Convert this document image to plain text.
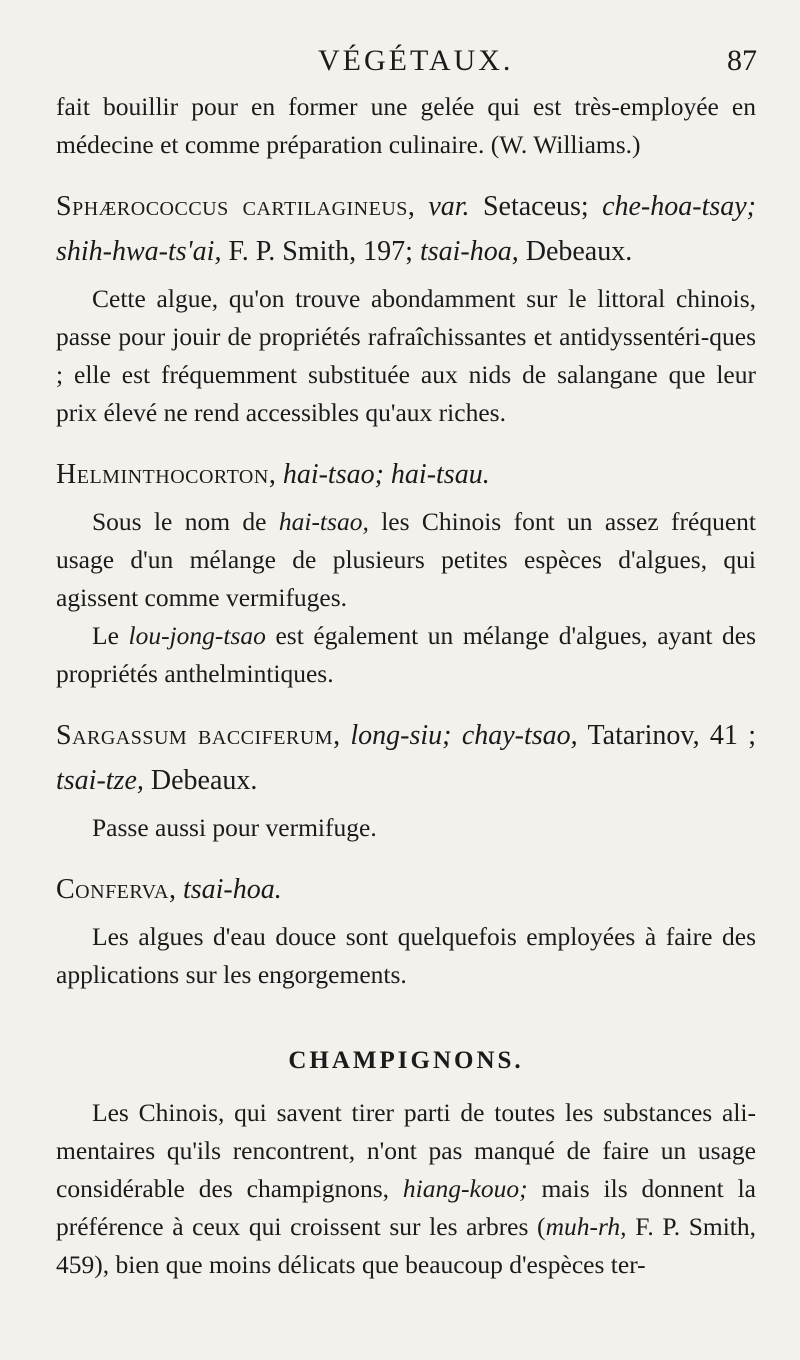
VÉGÉTAUX.	87

fait bouillir pour en former une gelée qui est très-employée en médecine et comme préparation culinaire. (W. Williams.)

Sphærococcus cartilagineus, var. Setaceus; che-hoa-tsay; shih-hwa-ts'ai, F. P. Smith, 197; tsai-hoa, Debeaux.

Cette algue, qu'on trouve abondamment sur le littoral chinois, passe pour jouir de propriétés rafraîchissantes et antidyssentéri-ques ; elle est fréquemment substituée aux nids de salangane que leur prix élevé ne rend accessibles qu'aux riches.

Helminthocorton, hai-tsao; hai-tsau.

Sous le nom de hai-tsao, les Chinois font un assez fréquent usage d'un mélange de plusieurs petites espèces d'algues, qui agissent comme vermifuges.

Le lou-jong-tsao est également un mélange d'algues, ayant des propriétés anthelmintiques.

Sargassum bacciferum, long-siu; chay-tsao, Tatarinov, 41 ; tsai-tze, Debeaux.

Passe aussi pour vermifuge.

Conferva, tsai-hoa.

Les algues d'eau douce sont quelquefois employées à faire des applications sur les engorgements.

CHAMPIGNONS.

Les Chinois, qui savent tirer parti de toutes les substances ali-mentaires qu'ils rencontrent, n'ont pas manqué de faire un usage considérable des champignons, hiang-kouo; mais ils donnent la préférence à ceux qui croissent sur les arbres (muh-rh, F. P. Smith, 459), bien que moins délicats que beaucoup d'espèces ter-
